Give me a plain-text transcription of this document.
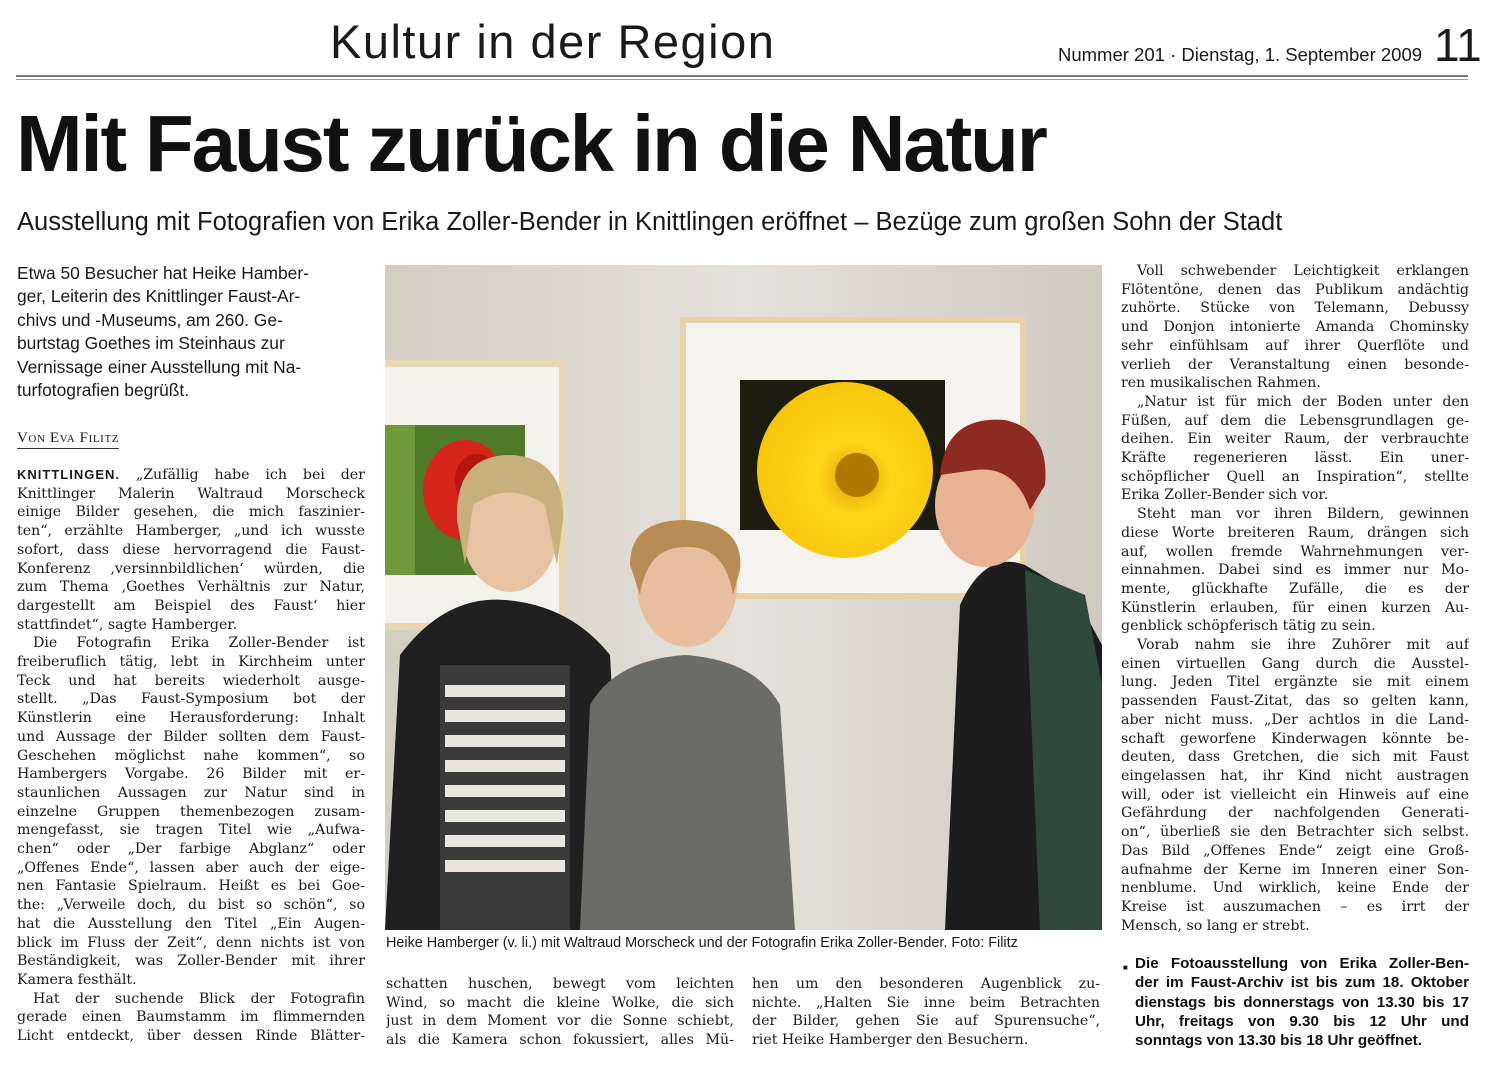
Kultur in der Region	Nummer 201 · Dienstag, 1. September 2009 11
Mit Faust zurück in die Natur
Ausstellung mit Fotografien von Erika Zoller-Bender in Knittlingen eröffnet – Bezüge zum großen Sohn der Stadt
Etwa 50 Besucher hat Heike Hamber-
ger, Leiterin des Knittlinger Faust-Ar-
chivs und -Museums, am 260. Ge-
burtstag Goethes im Steinhaus zur
Vernissage einer Ausstellung mit Na-
turfotografien begrüßt.
Von Eva Filitz
KNITTLINGEN. „Zufällig habe ich bei der
Knittlinger Malerin Waltraud Morscheck
einige Bilder gesehen, die mich faszinier-
ten“, erzählte Hamberger, „und ich wusste
sofort, dass diese hervorragend die Faust-
Konferenz ‚versinnbildlichen‘ würden, die
zum Thema ‚Goethes Verhältnis zur Natur,
dargestellt am Beispiel des Faust‘ hier
stattfindet“, sagte Hamberger.
Die Fotografin Erika Zoller-Bender ist
freiberuflich tätig, lebt in Kirchheim unter
Teck und hat bereits wiederholt ausge-
stellt. „Das Faust-Symposium bot der
Künstlerin eine Herausforderung: Inhalt
und Aussage der Bilder sollten dem Faust-
Geschehen möglichst nahe kommen“, so
Hambergers Vorgabe. 26 Bilder mit er-
staunlichen Aussagen zur Natur sind in
einzelne Gruppen themenbezogen zusam-
mengefasst, sie tragen Titel wie „Aufwa-
chen“ oder „Der farbige Abglanz“ oder
„Offenes Ende“, lassen aber auch der eige-
nen Fantasie Spielraum. Heißt es bei Goe-
the: „Verweile doch, du bist so schön“, so
hat die Ausstellung den Titel „Ein Augen-
blick im Fluss der Zeit“, denn nichts ist von
Beständigkeit, was Zoller-Bender mit ihrer
Kamera festhält.
Hat der suchende Blick der Fotografin
gerade einen Baumstamm im flimmernden
Licht entdeckt, über dessen Rinde Blätter-
Heike Hamberger (v. li.) mit Waltraud Morscheck und der Fotografin Erika Zoller-Bender. Foto: Filitz
schatten huschen, bewegt vom leichten
Wind, so macht die kleine Wolke, die sich
just in dem Moment vor die Sonne schiebt,
als die Kamera schon fokussiert, alles Mü-
hen um den besonderen Augenblick zu-
nichte. „Halten Sie inne beim Betrachten
der Bilder, gehen Sie auf Spurensuche“,
riet Heike Hamberger den Besuchern.
Voll schwebender Leichtigkeit erklangen
Flötentöne, denen das Publikum andächtig
zuhörte. Stücke von Telemann, Debussy
und Donjon intonierte Amanda Chominsky
sehr einfühlsam auf ihrer Querflöte und
verlieh der Veranstaltung einen besonde-
ren musikalischen Rahmen.
„Natur ist für mich der Boden unter den
Füßen, auf dem die Lebensgrundlagen ge-
deihen. Ein weiter Raum, der verbrauchte
Kräfte regenerieren lässt. Ein uner-
schöpflicher Quell an Inspiration“, stellte
Erika Zoller-Bender sich vor.
Steht man vor ihren Bildern, gewinnen
diese Worte breiteren Raum, drängen sich
auf, wollen fremde Wahrnehmungen ver-
einnahmen. Dabei sind es immer nur Mo-
mente, glückhafte Zufälle, die es der
Künstlerin erlauben, für einen kurzen Au-
genblick schöpferisch tätig zu sein.
Vorab nahm sie ihre Zuhörer mit auf
einen virtuellen Gang durch die Ausstel-
lung. Jeden Titel ergänzte sie mit einem
passenden Faust-Zitat, das so gelten kann,
aber nicht muss. „Der achtlos in die Land-
schaft geworfene Kinderwagen könnte be-
deuten, dass Gretchen, die sich mit Faust
eingelassen hat, ihr Kind nicht austragen
will, oder ist vielleicht ein Hinweis auf eine
Gefährdung der nachfolgenden Generati-
on“, überließ sie den Betrachter sich selbst.
Das Bild „Offenes Ende“ zeigt eine Groß-
aufnahme der Kerne im Inneren einer Son-
nenblume. Und wirklich, keine Ende der
Kreise ist auszumachen – es irrt der
Mensch, so lang er strebt.
■ Die Fotoausstellung von Erika Zoller-Ben-
der im Faust-Archiv ist bis zum 18. Oktober
dienstags bis donnerstags von 13.30 bis 17
Uhr, freitags von 9.30 bis 12 Uhr und
sonntags von 13.30 bis 18 Uhr geöffnet.
